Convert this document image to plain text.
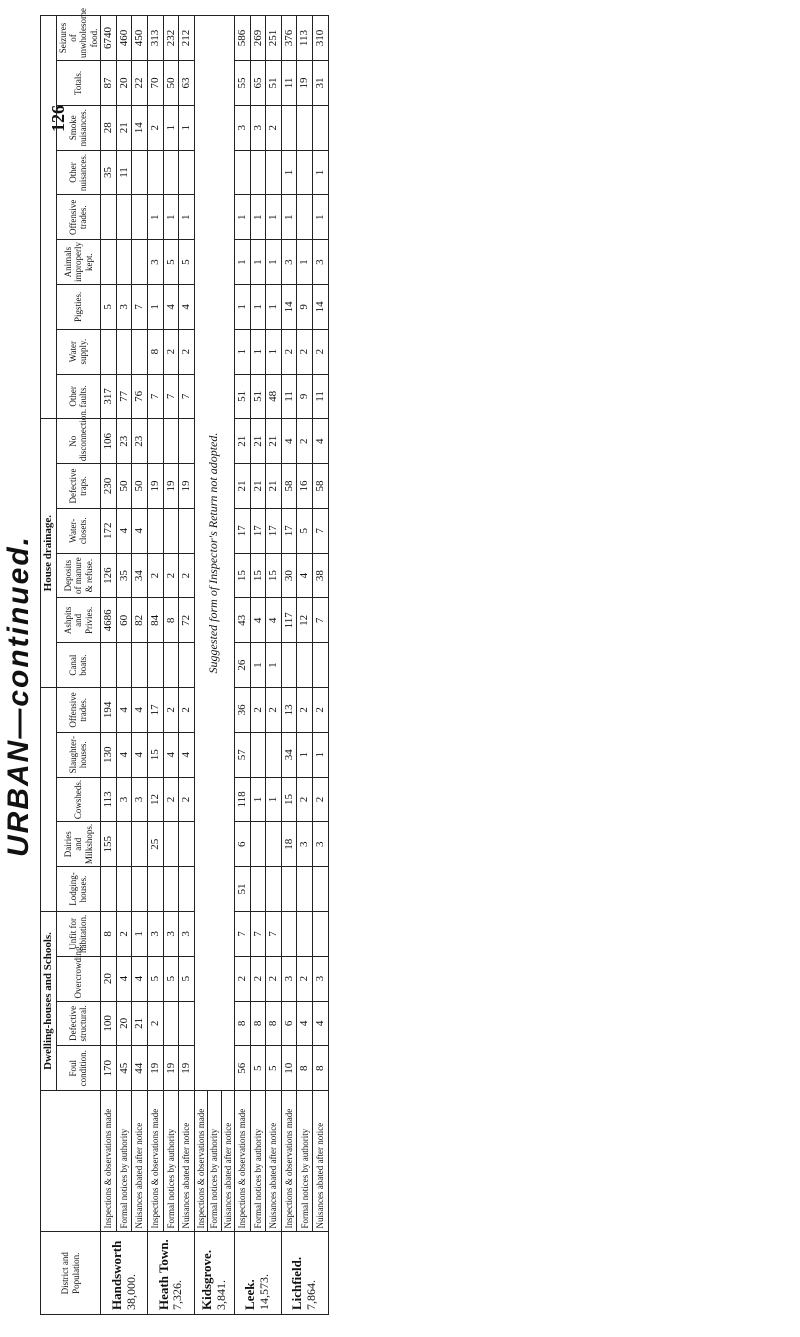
URBAN—continued.
126
District and Population.		Dwelling-houses and Schools.									House drainage.														
		Foul condition.	Defective structural.	Overcrowding.	Unfit for habitation.	Lodging-houses.	Dairies and Milkshops.	Cowsheds.	Slaughter-houses.	Offensive trades.	Canal boats.	Ashpits and Privies.	Deposits of manure & refuse.	Water-closets.	Defective traps.	No disconnection.	Other faults.	Water supply.	Pigsties.	Animals improperly kept.	Offensive trades.	Other nuisances.	Smoke nuisances.	Totals.	Seizures of unwholesome food.

Handsworth 38,000.	Inspections & observations made	170	100	20	8		155	113	130	194		4686	126	172	230	106	317		5			35	28	87	6740
	Formal notices by authority	45	20	4	2			3	4	4		60	35	4	50	23	77		3			11	21	20	460
	Nuisances abated after notice	44	21	4	1			3	4	4		82	34	4	50	23	76		7				14	22	450

Heath Town. 7,326.	Inspections & observations made	19	2	5	3		25	12	15	17		84	2		19		7	8	1	3	1		2	70	313
	Formal notices by authority	19		5	3			2	4	2		8	2		19		7	2	4	5	1		1	50	232
	Nuisances abated after notice	19		5	3			2	4	2		72	2		19		7	2	4	5	1		1	63	212

Kidsgrove. 3,841.	Inspections & observations made	Suggested form of Inspector's Return not adopted.																							
	Formal notices by authority																								
	Nuisances abated after notice																								

Leek. 14,573.	Inspections & observations made	56	8	2	7	51	6	118	57	36	26	43	15	17	21	21	51	1	1	1	1		3	55	586
	Formal notices by authority	5	8	2	7			1		2	1	4	15	17	21	21	51	1	1	1	1		3	65	269
	Nuisances abated after notice	5	8	2	7			1		2	1	4	15	17	21	21	48	1	1	1	1		2	51	251

Lichfield. 7,864.	Inspections & observations made	10	6	3			18	15	34	13		117	30	17	58	4	11	2	14	3	1	1		11	376
	Formal notices by authority	8	4	2			3	2	1	2		12	4	5	16	2	9	2	9	1				19	113
	Nuisances abated after notice	8	4	3			3	2	1	2		7	38	7	58	4	11	2	14	3	1	1		31	310
